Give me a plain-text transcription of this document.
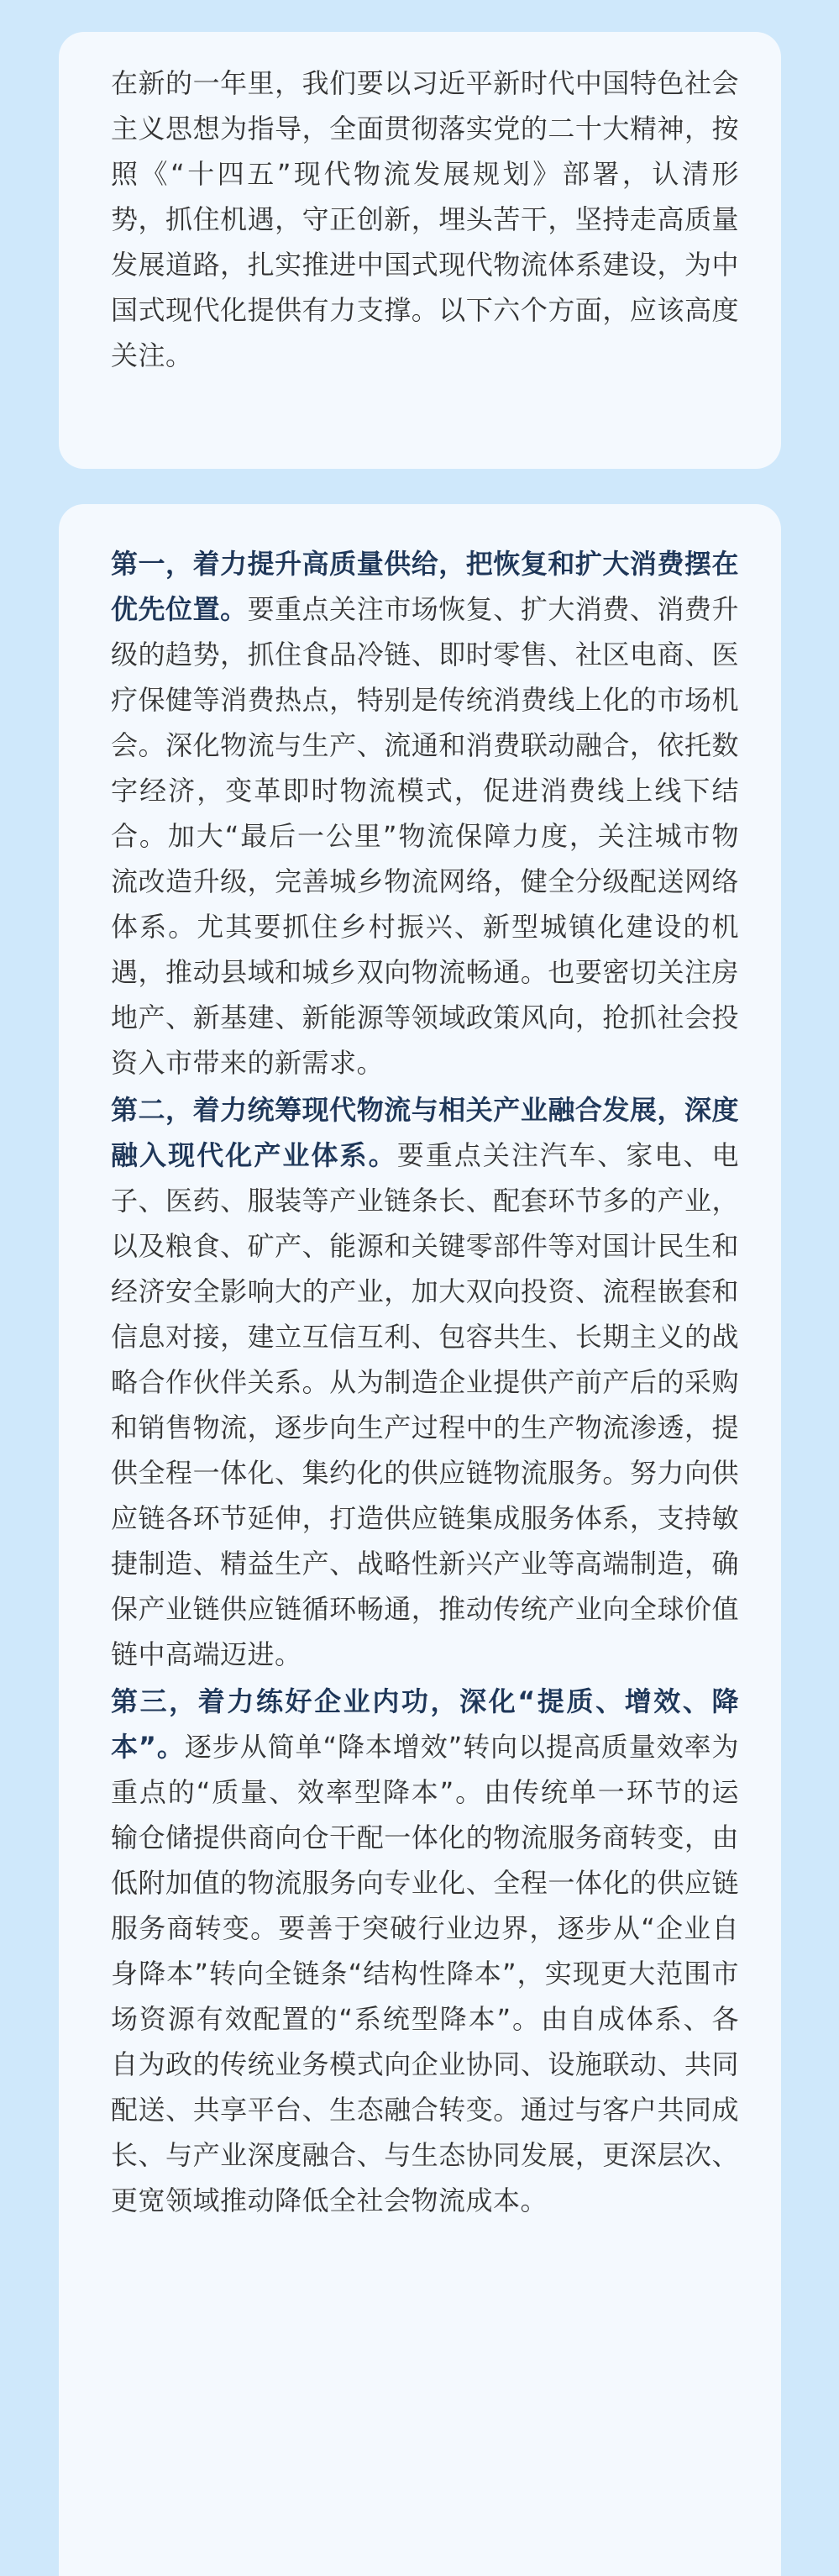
在新的一年里，我们要以习近平新时代中国特色社会主义思想为指导，全面贯彻落实党的二十大精神，按照《“十四五”现代物流发展规划》部署，认清形势，抓住机遇，守正创新，埋头苦干，坚持走高质量发展道路，扎实推进中国式现代物流体系建设，为中国式现代化提供有力支撑。以下六个方面，应该高度关注。

第一，着力提升高质量供给，把恢复和扩大消费摆在优先位置。要重点关注市场恢复、扩大消费、消费升级的趋势，抓住食品冷链、即时零售、社区电商、医疗保健等消费热点，特别是传统消费线上化的市场机会。深化物流与生产、流通和消费联动融合，依托数字经济，变革即时物流模式，促进消费线上线下结合。加大“最后一公里”物流保障力度，关注城市物流改造升级，完善城乡物流网络，健全分级配送网络体系。尤其要抓住乡村振兴、新型城镇化建设的机遇，推动县域和城乡双向物流畅通。也要密切关注房地产、新基建、新能源等领域政策风向，抢抓社会投资入市带来的新需求。

第二，着力统筹现代物流与相关产业融合发展，深度融入现代化产业体系。要重点关注汽车、家电、电子、医药、服装等产业链条长、配套环节多的产业，以及粮食、矿产、能源和关键零部件等对国计民生和经济安全影响大的产业，加大双向投资、流程嵌套和信息对接，建立互信互利、包容共生、长期主义的战略合作伙伴关系。从为制造企业提供产前产后的采购和销售物流，逐步向生产过程中的生产物流渗透，提供全程一体化、集约化的供应链物流服务。努力向供应链各环节延伸，打造供应链集成服务体系，支持敏捷制造、精益生产、战略性新兴产业等高端制造，确保产业链供应链循环畅通，推动传统产业向全球价值链中高端迈进。

第三，着力练好企业内功，深化“提质、增效、降本”。逐步从简单“降本增效”转向以提高质量效率为重点的“质量、效率型降本”。由传统单一环节的运输仓储提供商向仓干配一体化的物流服务商转变，由低附加值的物流服务向专业化、全程一体化的供应链服务商转变。要善于突破行业边界，逐步从“企业自身降本”转向全链条“结构性降本”，实现更大范围市场资源有效配置的“系统型降本”。由自成体系、各自为政的传统业务模式向企业协同、设施联动、共同配送、共享平台、生态融合转变。通过与客户共同成长、与产业深度融合、与生态协同发展，更深层次、更宽领域推动降低全社会物流成本。
